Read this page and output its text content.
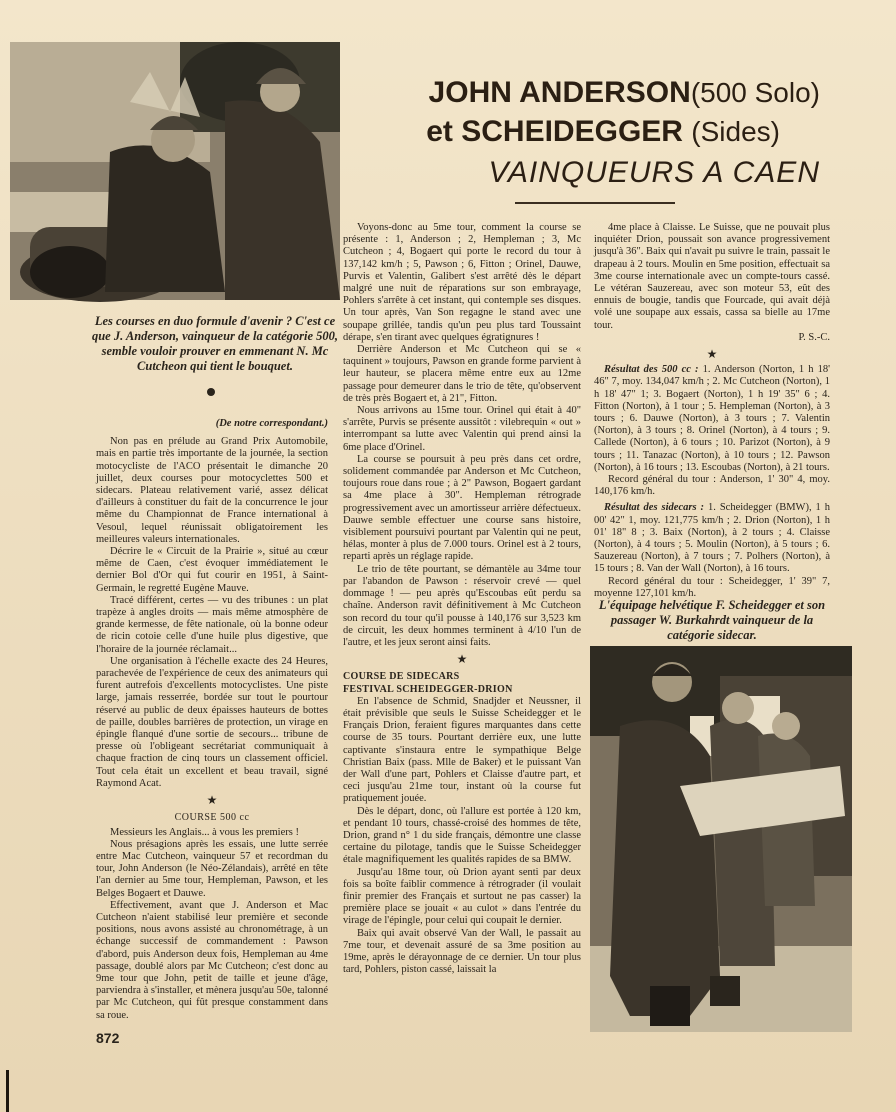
JOHN ANDERSON(500 Solo)
et SCHEIDEGGER (Sides)
VAINQUEURS A CAEN
Les courses en duo formule d'avenir ? C'est ce que J. Anderson, vainqueur de la catégorie 500, semble vouloir prouver en emmenant N. Mc Cutcheon qui tient le bouquet.

(De notre correspondant.)

Non pas en prélude au Grand Prix Automobile, mais en partie très importante de la journée, la section motocycliste de l'ACO présentait le dimanche 20 juillet, deux courses pour motocyclettes 500 et sidecars. Plateau relativement varié, assez délicat d'ailleurs à constituer du fait de la concurrence le jour même du Championnat de France international à Vesoul, lequel réunissait obligatoirement les meilleures valeurs internationales.

Décrire le « Circuit de la Prairie », situé au cœur même de Caen, c'est évoquer immédiatement le dernier Bol d'Or qui fut courir en 1951, à Saint-Germain, le regretté Eugène Mauve.

Tracé différent, certes — vu des tribunes : un plat trapèze à angles droits — mais même atmosphère de grande kermesse, de fête nationale, où la bonne odeur de ricin cotoie celle d'une huile plus digestive, que l'horaire de la journée réclamait...

Une organisation à l'échelle exacte des 24 Heures, parachevée de l'expérience de ceux des animateurs qui furent autrefois d'excellents motocyclistes. Une piste large, jamais resserrée, bordée sur tout le pourtour réservé au public de deux épaisses hauteurs de bottes de paille, doubles barrières de protection, un virage en épingle flanqué d'une sortie de secours... tribune de presse où l'obligeant secrétariat communiquait à chaque fraction de cinq tours un classement officiel. Tout cela était un excellent et beau travail, signé Raymond Acat.

★

COURSE 500 cc

Messieurs les Anglais... à vous les premiers !

Nous présagions après les essais, une lutte serrée entre Mac Cutcheon, vainqueur 57 et recordman du tour, John Anderson (le Néo-Zélandais), arrêté en tête l'an dernier au 5me tour, Hempleman, Pawson, et les Belges Bogaert et Dauwe.

Effectivement, avant que J. Anderson et Mac Cutcheon n'aient stabilisé leur première et seconde positions, nous avons assisté au chronométrage, à un échange successif de commandement : Pawson d'abord, puis Anderson deux fois, Hempleman au 4me passage, doublé alors par Mc Cutcheon; c'est donc au 9me tour que John, petit de taille et jeune d'âge, parviendra à s'installer, et mènera jusqu'au 50e, talonné par Mc Cutcheon, qui fût presque constamment dans sa roue.

Voyons-donc au 5me tour, comment la course se présente : 1, Anderson ; 2, Hempleman ; 3, Mc Cutcheon ; 4, Bogaert qui porte le record du tour à 137,142 km/h ; 5, Pawson ; 6, Fitton ; Orinel, Dauwe, Purvis et Valentin, Galibert s'est arrêté dès le départ malgré une nuit de réparations sur son embrayage, Pohlers s'arrête à cet instant, qui contemple ses disques. Un tour après, Van Son regagne le stand avec une soupape grillée, tandis qu'un peu plus tard Toussaint dérape, s'en tirant avec quelques égratignures !

Derrière Anderson et Mc Cutcheon qui se « taquinent » toujours, Pawson en grande forme parvient à leur hauteur, se placera même entre eux au 12me passage pour demeurer dans le trio de tête, qu'observent de très près Bogaert et, à 21", Fitton.

Nous arrivons au 15me tour. Orinel qui était à 40" s'arrête, Purvis se présente aussitôt : vilebrequin « out » interrompant sa lutte avec Valentin qui prend ainsi la 6me place d'Orinel.

La course se poursuit à peu près dans cet ordre, solidement commandée par Anderson et Mc Cutcheon, toujours roue dans roue ; à 2" Pawson, Bogaert gardant sa 4me place à 30". Hempleman rétrograde progressivement avec un amortisseur arrière défectueux. Dauwe semble effectuer une course sans histoire, visiblement poursuivi pourtant par Valentin qui ne peut, hélas, monter à plus de 7.000 tours. Orinel est à 2 tours, reparti après un réglage rapide.

Le trio de tête pourtant, se démantèle au 34me tour par l'abandon de Pawson : réservoir crevé — quel dommage ! — peu après qu'Escoubas eût perdu sa chaîne. Anderson ravit définitivement à Mc Cutcheon son record du tour qu'il pousse à 140,176 sur 3,523 km de circuit, les deux hommes terminent à 4/10 l'un de l'autre, et les jeux seront ainsi faits.

★

COURSE DE SIDECARS

FESTIVAL SCHEIDEGGER-DRION

En l'absence de Schmid, Snadjder et Neussner, il était prévisible que seuls le Suisse Scheidegger et le Français Drion, feraient figures marquantes dans cette course de 35 tours. Pourtant derrière eux, une lutte captivante s'instaura entre le sympathique Belge Christian Baix (pass. Mlle de Baker) et le puissant Van der Wall d'une part, Pohlers et Claisse d'autre part, et ceci jusqu'au 21me tour, instant où la course fut pratiquement jouée.

Dès le départ, donc, où l'allure est portée à 120 km, et pendant 10 tours, chassé-croisé des hommes de tête, Drion, grand n° 1 du side français, démontre une classe certaine du pilotage, tandis que le Suisse Scheidegger étale magnifiquement les qualités rapides de sa BMW.

Jusqu'au 18me tour, où Drion ayant senti par deux fois sa boîte faiblir commence à rétrograder (il voulait finir premier des Français et surtout ne pas casser) la première place se jouait « au culot » dans l'entrée du virage de l'épingle, pour celui qui coupait le dernier.

Baix qui avait observé Van der Wall, le passait au 7me tour, et devenait assuré de sa 3me position au 19me, après le dérayonnage de ce dernier. Un tour plus tard, Pohlers, piston cassé, laissait la

4me place à Claisse. Le Suisse, que ne pouvait plus inquiéter Drion, poussait son avance progressivement jusqu'à 36". Baix qui n'avait pu suivre le train, passait le drapeau à 2 tours. Moulin en 5me position, effectuait sa 3me course internationale avec un compte-tours cassé. Le vétéran Sauzereau, avec son moteur 53, eût des ennuis de bougie, tandis que Fourcade, qui avait déjà volé une soupape aux essais, cassa sa bielle au 17me tour.

P. S.-C.

★

Résultat des 500 cc : 1. Anderson (Norton, 1 h 18' 46" 7, moy. 134,047 km/h ; 2. Mc Cutcheon (Norton), 1 h 18' 47" 1; 3. Bogaert (Norton), 1 h 19' 35" 6 ; 4. Fitton (Norton), à 1 tour ; 5. Hempleman (Norton), à 3 tours ; 6. Dauwe (Norton), à 3 tours ; 7. Valentin (Norton), à 3 tours ; 8. Orinel (Norton), à 4 tours ; 9. Callede (Norton), à 6 tours ; 10. Parizot (Norton), à 9 tours ; 11. Tanazac (Norton), à 10 tours ; 12. Pawson (Norton), à 16 tours ; 13. Escoubas (Norton), à 21 tours.

Record général du tour : Anderson, 1' 30" 4, moy. 140,176 km/h.

Résultat des sidecars : 1. Scheidegger (BMW), 1 h 00' 42" 1, moy. 121,775 km/h ; 2. Drion (Norton), 1 h 01' 18" 8 ; 3. Baix (Norton), à 2 tours ; 4. Claisse (Norton), à 4 tours ; 5. Moulin (Norton), à 5 tours ; 6. Sauzereau (Norton), à 7 tours ; 7. Polhers (Norton), à 15 tours ; 8. Van der Wall (Norton), à 16 tours.

Record général du tour : Scheidegger, 1' 39" 7, moyenne 127,101 km/h.

L'équipage helvétique F. Scheidegger et son passager W. Burkahrdt vainqueur de la catégorie sidecar.
872
